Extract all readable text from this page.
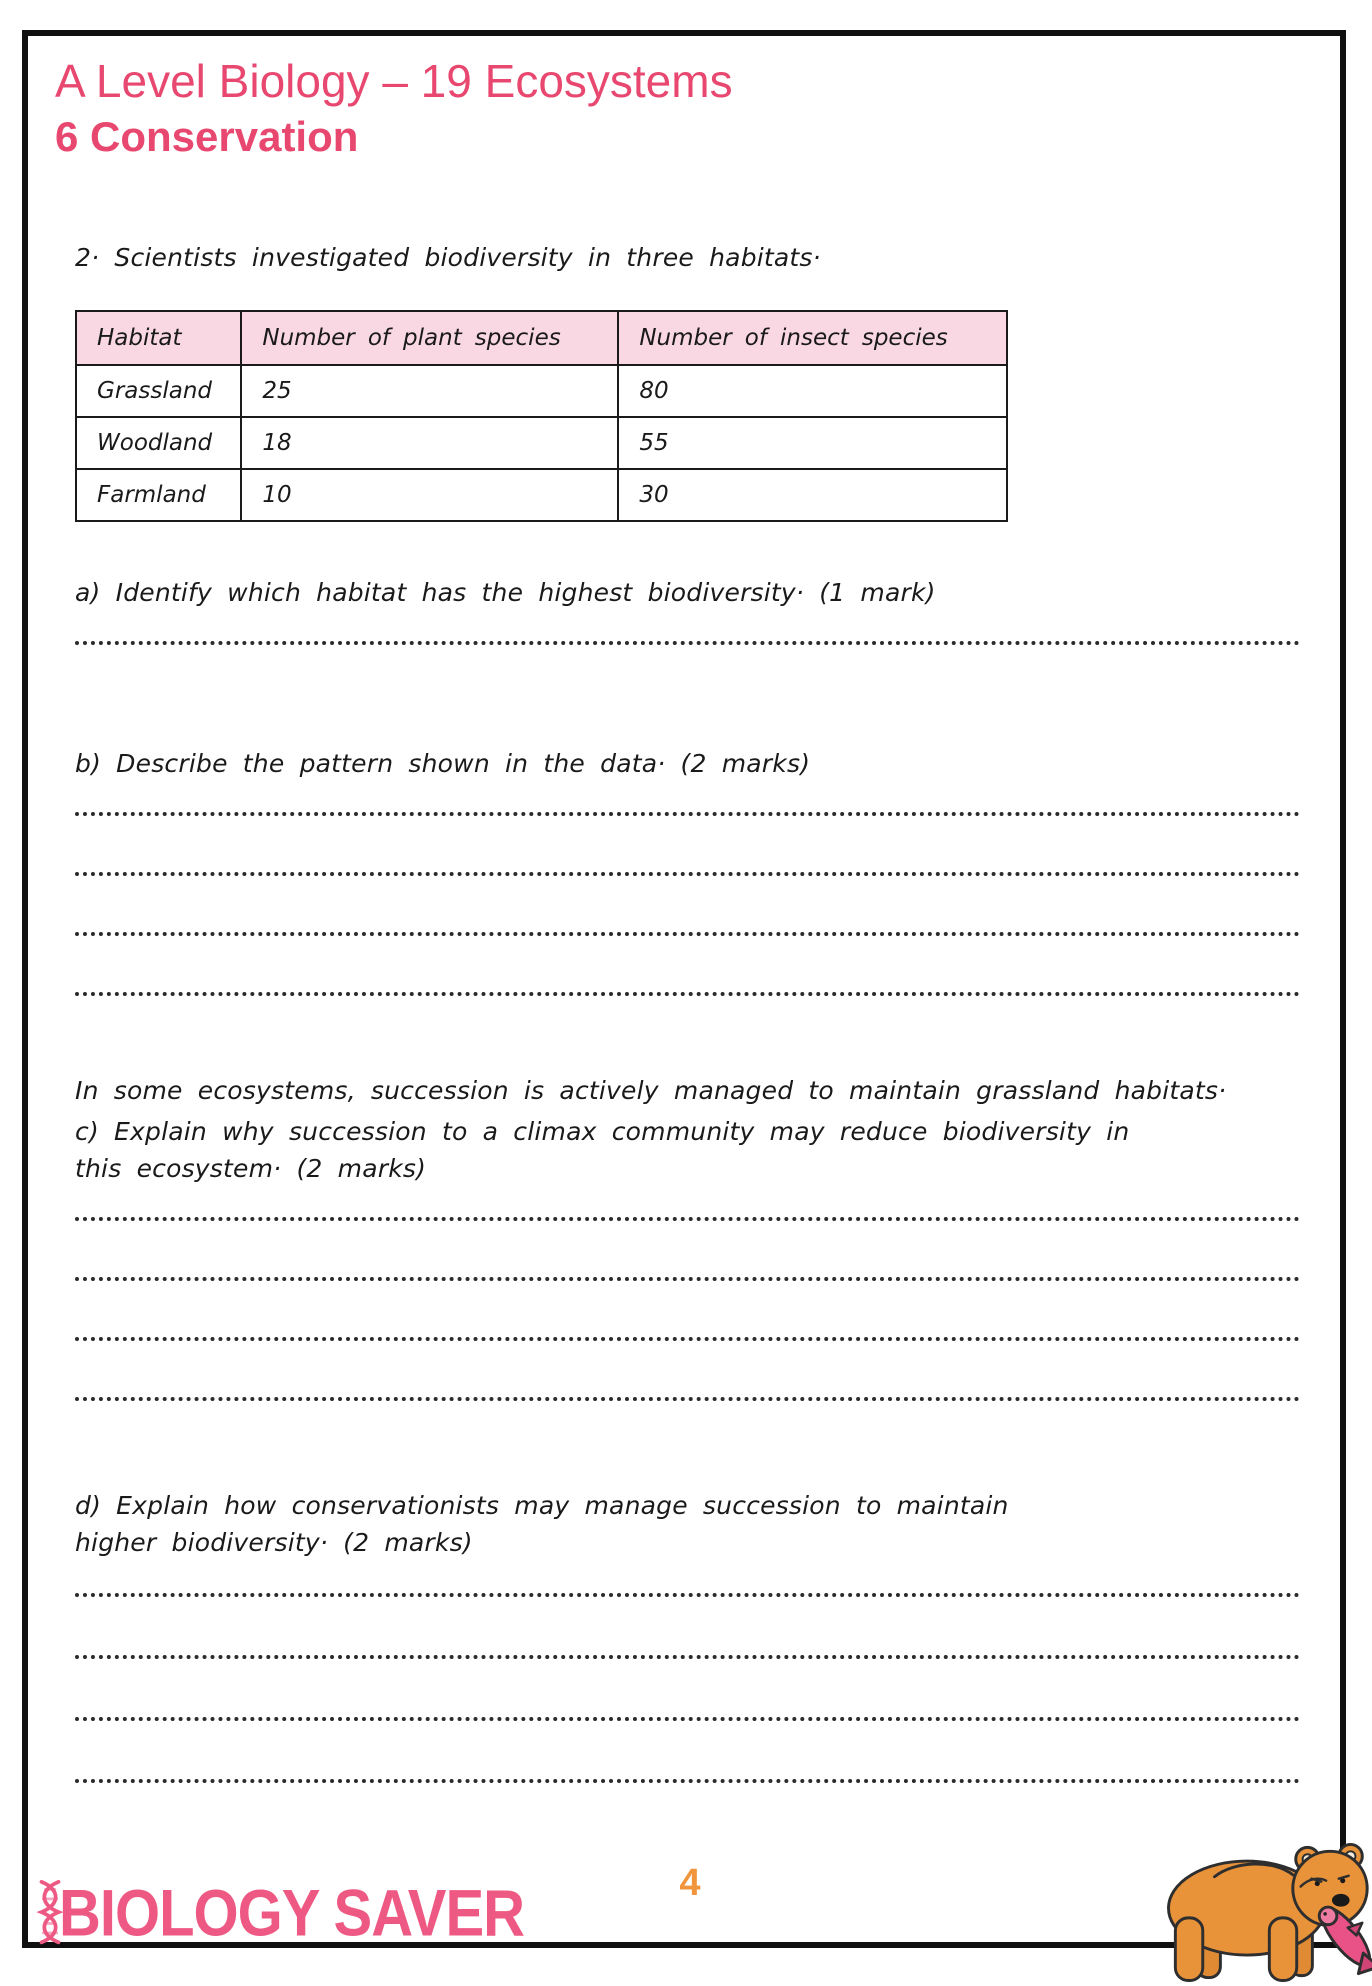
A Level Biology – 19 Ecosystems
6 Conservation

2· Scientists investigated biodiversity in three habitats·

Habitat	Number of plant species	Number of insect species
Grassland	25	80
Woodland	18	55
Farmland	10	30

a) Identify which habitat has the highest biodiversity· (1 mark)

b) Describe the pattern shown in the data· (2 marks)

In some ecosystems, succession is actively managed to maintain grassland habitats·

c) Explain why succession to a climax community may reduce biodiversity in this ecosystem· (2 marks)

d) Explain how conservationists may manage succession to maintain higher biodiversity· (2 marks)

BIOLOGY SAVER	4
